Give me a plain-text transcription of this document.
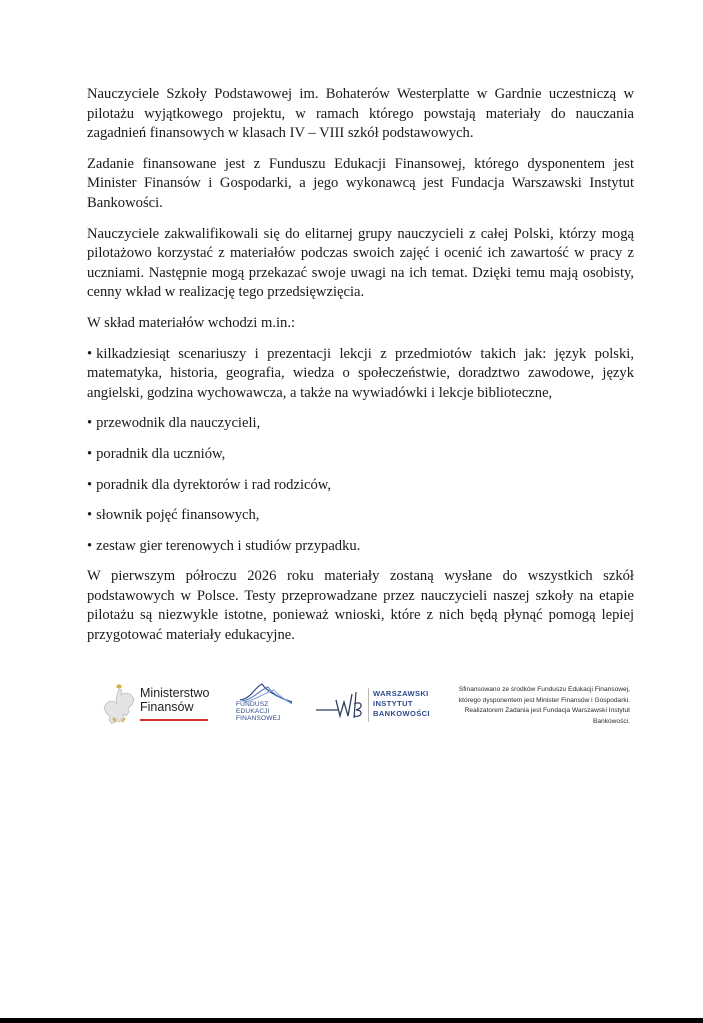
Nauczyciele Szkoły Podstawowej im. Bohaterów Westerplatte w Gardnie uczestniczą w pilotażu wyjątkowego projektu, w ramach którego powstają materiały do nauczania zagadnień finansowych w klasach IV – VIII szkół podstawowych.

Zadanie finansowane jest z Funduszu Edukacji Finansowej, którego dysponentem jest Minister Finansów i Gospodarki, a jego wykonawcą jest Fundacja Warszawski Instytut Bankowości.

Nauczyciele zakwalifikowali się do elitarnej grupy nauczycieli z całej Polski, którzy mogą pilotażowo korzystać z materiałów podczas swoich zajęć i ocenić ich zawartość w pracy z uczniami. Następnie mogą przekazać swoje uwagi na ich temat. Dzięki temu mają osobisty, cenny wkład w realizację tego przedsięwzięcia.

W skład materiałów wchodzi m.in.:

• kilkadziesiąt scenariuszy i prezentacji lekcji z przedmiotów takich jak: język polski, matematyka, historia, geografia, wiedza o społeczeństwie, doradztwo zawodowe, język angielski, godzina wychowawcza, a także na wywiadówki i lekcje biblioteczne,

• przewodnik dla nauczycieli,

• poradnik dla uczniów,

• poradnik dla dyrektorów i rad rodziców,

• słownik pojęć finansowych,

• zestaw gier terenowych i studiów przypadku.

W pierwszym półroczu 2026 roku materiały zostaną wysłane do wszystkich szkół podstawowych w Polsce. Testy przeprowadzane przez nauczycieli naszej szkoły na etapie pilotażu są niezwykle istotne, ponieważ wnioski, które z nich będą płynąć pomogą lepiej przygotować materiały edukacyjne.

Ministerstwo
Finansów	FUNDUSZ
EDUKACJI
FINANSOWEJ
WARSZAWSKI
INSTYTUT
BANKOWOŚCI
Sfinansowano ze środków Funduszu Edukacji Finansowej, którego dysponentem jest Minister Finansów i Gospodarki. Realizatorem Zadania jest Fundacja Warszawski Instytut Bankowości.
